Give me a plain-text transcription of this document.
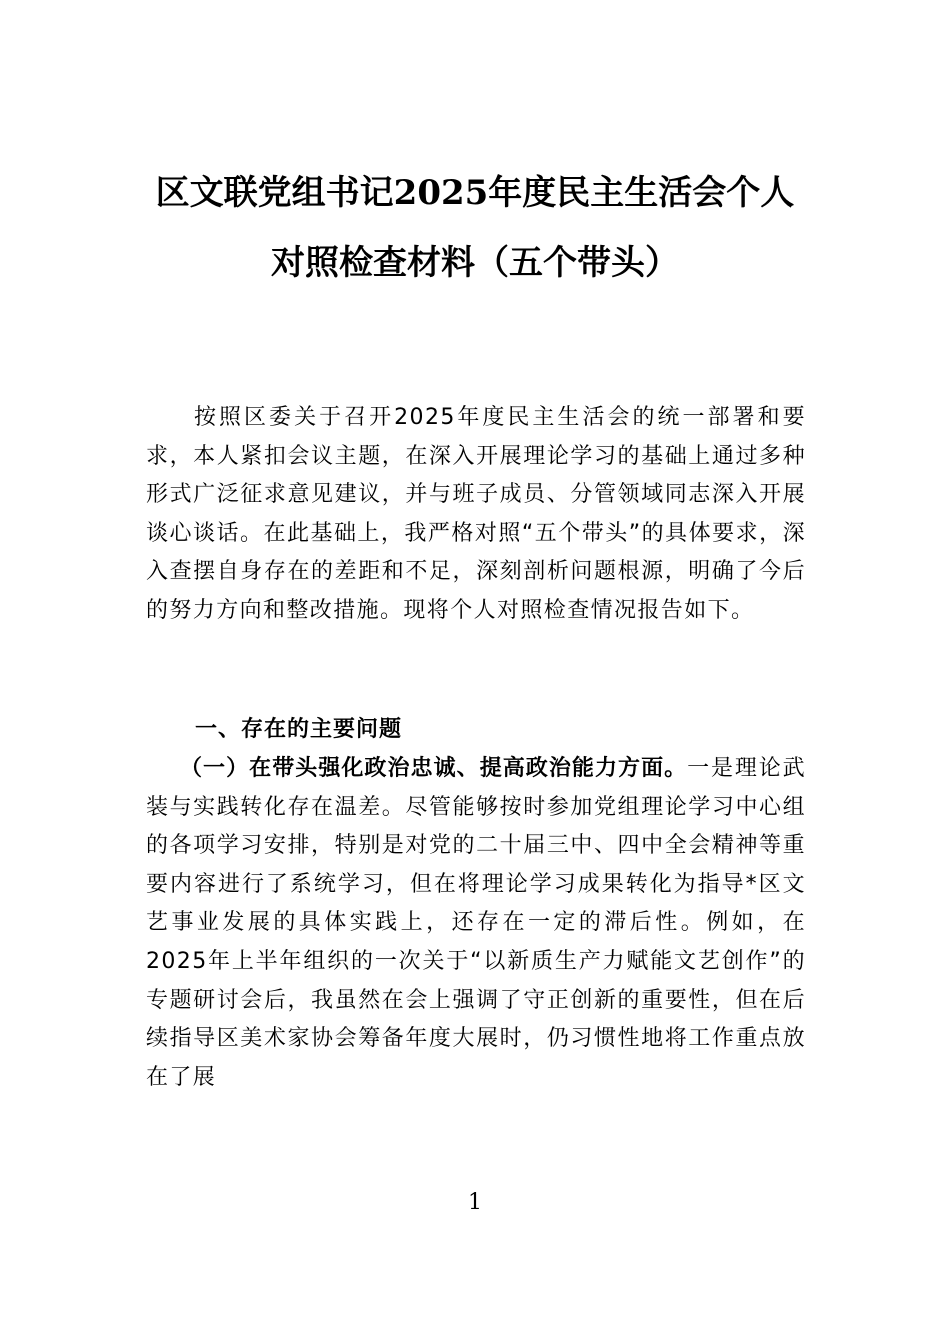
区文联党组书记2025年度民主生活会个人
对照检查材料（五个带头）
按照区委关于召开2025年度民主生活会的统一部署和要求，本人紧扣会议主题，在深入开展理论学习的基础上通过多种形式广泛征求意见建议，并与班子成员、分管领域同志深入开展谈心谈话。在此基础上，我严格对照“五个带头”的具体要求，深入查摆自身存在的差距和不足，深刻剖析问题根源，明确了今后的努力方向和整改措施。现将个人对照检查情况报告如下。
一、存在的主要问题
（一）在带头强化政治忠诚、提高政治能力方面。一是理论武装与实践转化存在温差。尽管能够按时参加党组理论学习中心组的各项学习安排，特别是对党的二十届三中、四中全会精神等重要内容进行了系统学习，但在将理论学习成果转化为指导*区文艺事业发展的具体实践上，还存在一定的滞后性。例如，在2025年上半年组织的一次关于“以新质生产力赋能文艺创作”的专题研讨会后，我虽然在会上强调了守正创新的重要性，但在后续指导区美术家协会筹备年度大展时，仍习惯性地将工作重点放在了展
1
